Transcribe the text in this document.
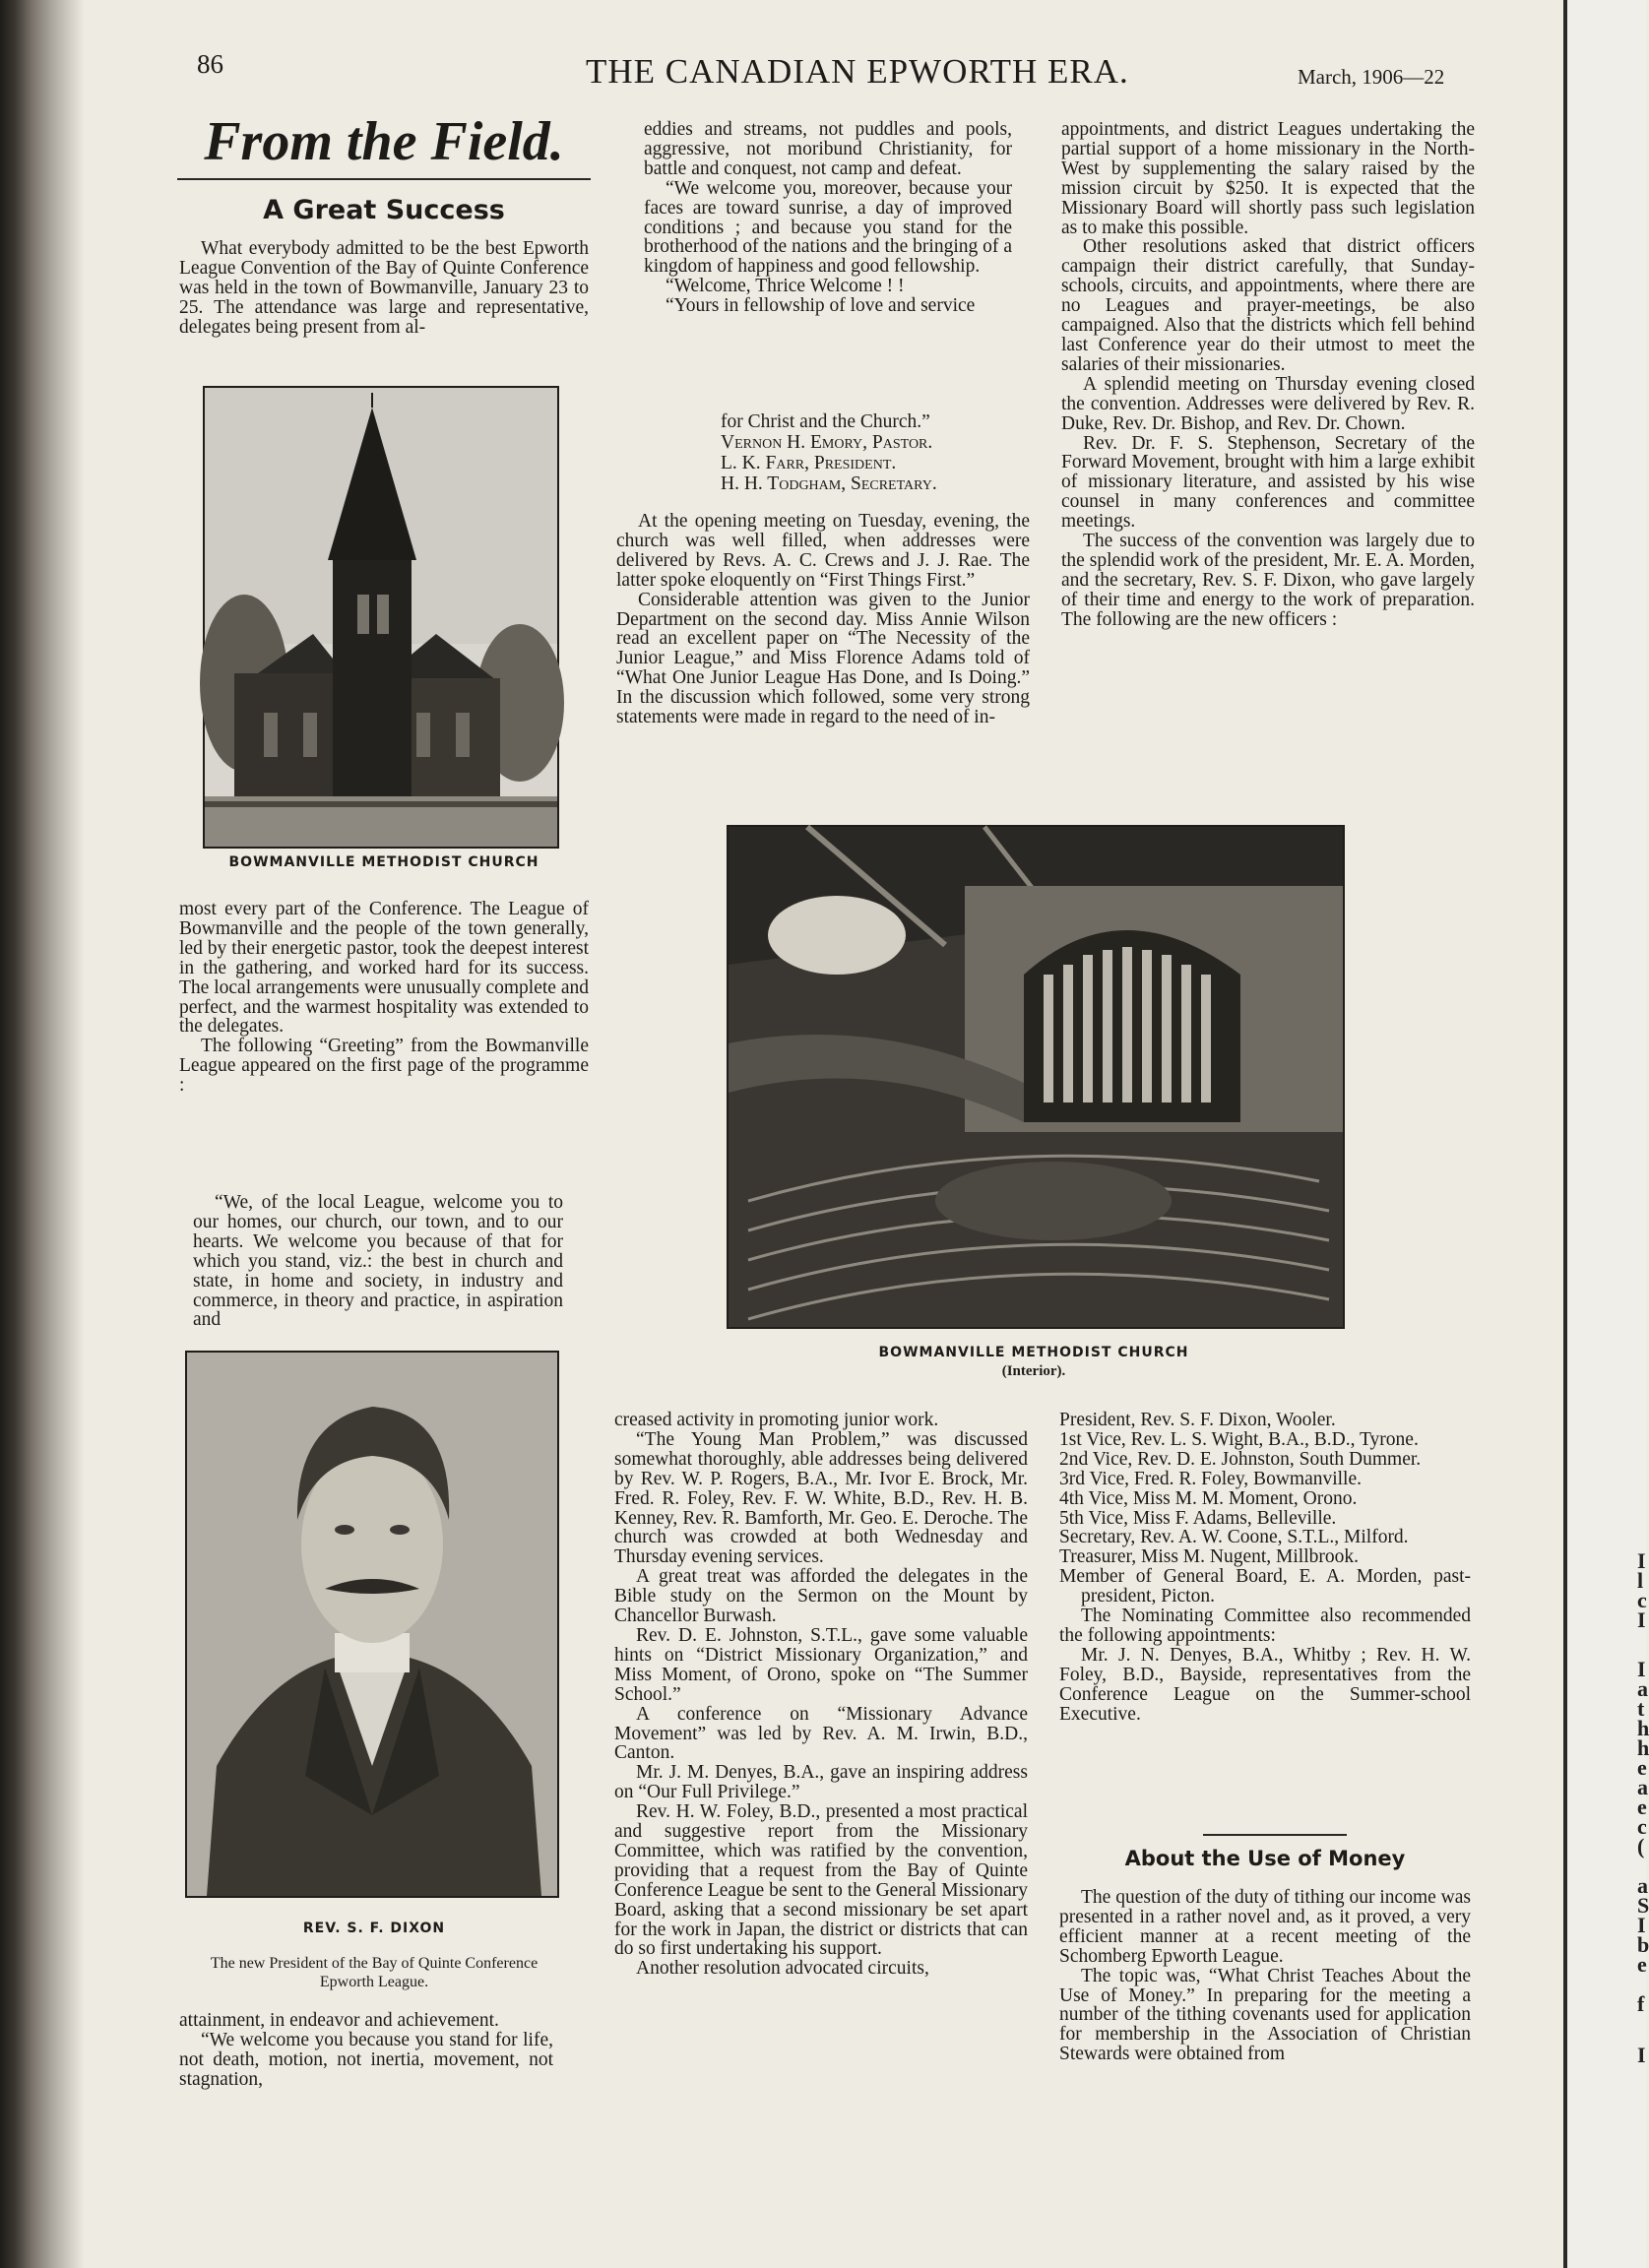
86	THE CANADIAN EPWORTH ERA.	March, 1906—22
From the Field.
A Great Success

What everybody admitted to be the best Epworth League Convention of the Bay of Quinte Conference was held in the town of Bowmanville, January 23 to 25. The attendance was large and representative, delegates being present from al-

BOWMANVILLE METHODIST CHURCH

most every part of the Conference. The League of Bowmanville and the people of the town generally, led by their energetic pastor, took the deepest interest in the gathering, and worked hard for its success. The local arrangements were unusually complete and perfect, and the warmest hospitality was extended to the delegates.

The following “Greeting” from the Bowmanville League appeared on the first page of the programme :

“We, of the local League, welcome you to our homes, our church, our town, and to our hearts. We welcome you because of that for which you stand, viz.: the best in church and state, in home and society, in industry and commerce, in theory and practice, in aspiration and

REV. S. F. DIXON
The new President of the Bay of Quinte Conference Epworth League.

attainment, in endeavor and achievement.

“We welcome you because you stand for life, not death, motion, not inertia, movement, not stagnation,

eddies and streams, not puddles and pools, aggressive, not moribund Christianity, for battle and conquest, not camp and defeat.

“We welcome you, moreover, because your faces are toward sunrise, a day of improved conditions ; and because you stand for the brotherhood of the nations and the bringing of a kingdom of happiness and good fellowship.

“Welcome, Thrice Welcome ! !

“Yours in fellowship of love and service

for Christ and the Church.”

Vernon H. Emory, Pastor.

L. K. Farr, President.

H. H. Todgham, Secretary.

At the opening meeting on Tuesday, evening, the church was well filled, when addresses were delivered by Revs. A. C. Crews and J. J. Rae. The latter spoke eloquently on “First Things First.”

Considerable attention was given to the Junior Department on the second day. Miss Annie Wilson read an excellent paper on “The Necessity of the Junior League,” and Miss Florence Adams told of “What One Junior League Has Done, and Is Doing.” In the discussion which followed, some very strong statements were made in regard to the need of in-

appointments, and district Leagues undertaking the partial support of a home missionary in the North-West by supplementing the salary raised by the mission circuit by $250. It is expected that the Missionary Board will shortly pass such legislation as to make this possible.

Other resolutions asked that district officers campaign their district carefully, that Sunday-schools, circuits, and appointments, where there are no Leagues and prayer-meetings, be also campaigned. Also that the districts which fell behind last Conference year do their utmost to meet the salaries of their missionaries.

A splendid meeting on Thursday evening closed the convention. Addresses were delivered by Rev. R. Duke, Rev. Dr. Bishop, and Rev. Dr. Chown.

Rev. Dr. F. S. Stephenson, Secretary of the Forward Movement, brought with him a large exhibit of missionary literature, and assisted by his wise counsel in many conferences and committee meetings.

The success of the convention was largely due to the splendid work of the president, Mr. E. A. Morden, and the secretary, Rev. S. F. Dixon, who gave largely of their time and energy to the work of preparation. The following are the new officers :

BOWMANVILLE METHODIST CHURCH
(Interior).

creased activity in promoting junior work.

“The Young Man Problem,” was discussed somewhat thoroughly, able addresses being delivered by Rev. W. P. Rogers, B.A., Mr. Ivor E. Brock, Mr. Fred. R. Foley, Rev. F. W. White, B.D., Rev. H. B. Kenney, Rev. R. Bamforth, Mr. Geo. E. Deroche. The church was crowded at both Wednesday and Thursday evening services.

A great treat was afforded the delegates in the Bible study on the Sermon on the Mount by Chancellor Burwash.

Rev. D. E. Johnston, S.T.L., gave some valuable hints on “District Missionary Organization,” and Miss Moment, of Orono, spoke on “The Summer School.”

A conference on “Missionary Advance Movement” was led by Rev. A. M. Irwin, B.D., Canton.

Mr. J. M. Denyes, B.A., gave an inspiring address on “Our Full Privilege.”

Rev. H. W. Foley, B.D., presented a most practical and suggestive report from the Missionary Committee, which was ratified by the convention, providing that a request from the Bay of Quinte Conference League be sent to the General Missionary Board, asking that a second missionary be set apart for the work in Japan, the district or districts that can do so first undertaking his support.

Another resolution advocated circuits,

President, Rev. S. F. Dixon, Wooler.

1st Vice, Rev. L. S. Wight, B.A., B.D., Tyrone.

2nd Vice, Rev. D. E. Johnston, South Dummer.

3rd Vice, Fred. R. Foley, Bowmanville.

4th Vice, Miss M. M. Moment, Orono.

5th Vice, Miss F. Adams, Belleville.

Secretary, Rev. A. W. Coone, S.T.L., Milford.

Treasurer, Miss M. Nugent, Millbrook.

Member of General Board, E. A. Morden, past-president, Picton.

The Nominating Committee also recommended the following appointments:

Mr. J. N. Denyes, B.A., Whitby ; Rev. H. W. Foley, B.D., Bayside, representatives from the Conference League on the Summer-school Executive.

About the Use of Money

The question of the duty of tithing our income was presented in a rather novel and, as it proved, a very efficient manner at a recent meeting of the Schomberg Epworth League.

The topic was, “What Christ Teaches About the Use of Money.” In preparing for the meeting a number of the tithing covenants used for application for membership in the Association of Christian Stewards were obtained from

I
l
c
I
I
a
t
h
h
e
a
e
c
(
a
S
I
b
e
f
I
